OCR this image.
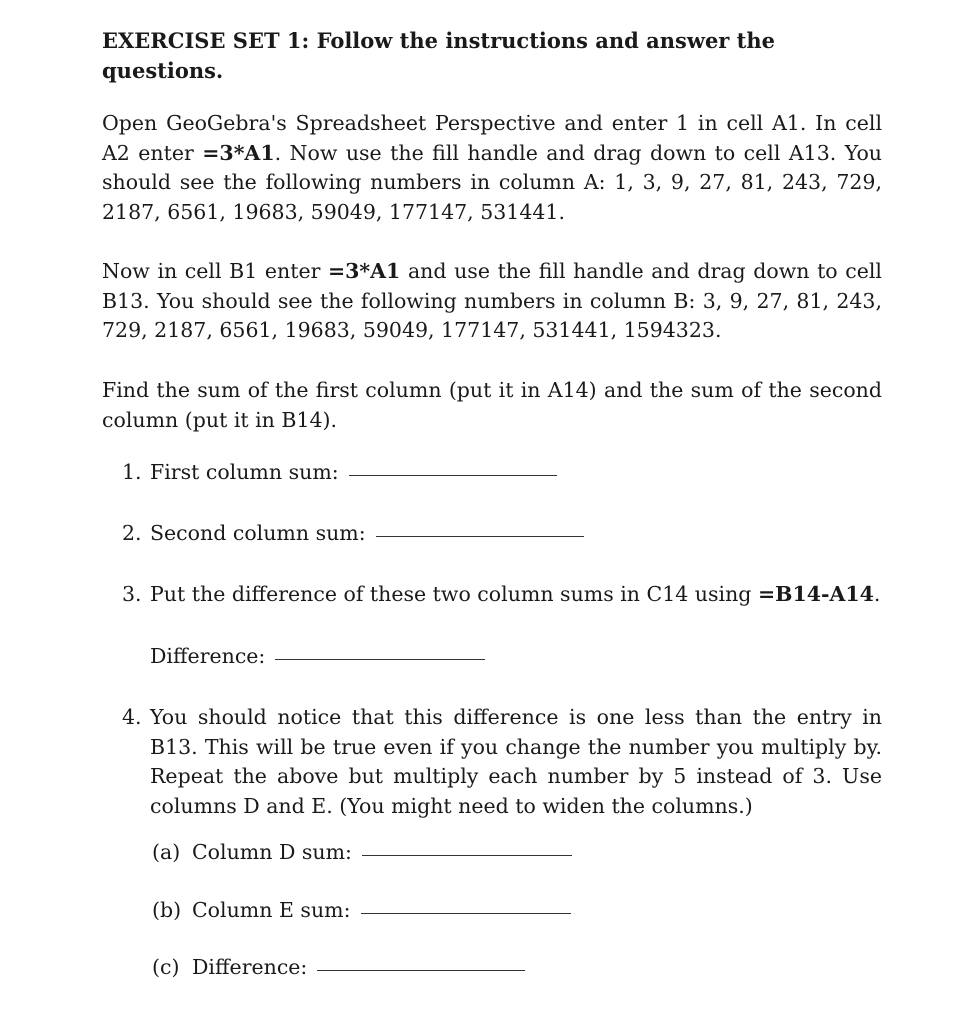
EXERCISE SET 1: Follow the instructions and answer the questions.

Open GeoGebra's Spreadsheet Perspective and enter 1 in cell A1. In cell A2 enter =3*A1. Now use the fill handle and drag down to cell A13. You should see the following numbers in column A: 1, 3, 9, 27, 81, 243, 729, 2187, 6561, 19683, 59049, 177147, 531441.

Now in cell B1 enter =3*A1 and use the fill handle and drag down to cell B13. You should see the following numbers in column B: 3, 9, 27, 81, 243, 729, 2187, 6561, 19683, 59049, 177147, 531441, 1594323.

Find the sum of the first column (put it in A14) and the sum of the second column (put it in B14).

1. First column sum:

2. Second column sum:

3. Put the difference of these two column sums in C14 using =B14-A14.

Difference:

4. You should notice that this difference is one less than the entry in B13. This will be true even if you change the number you multiply by. Repeat the above but multiply each number by 5 instead of 3. Use columns D and E. (You might need to widen the columns.)

(a) Column D sum:

(b) Column E sum:

(c) Difference:
